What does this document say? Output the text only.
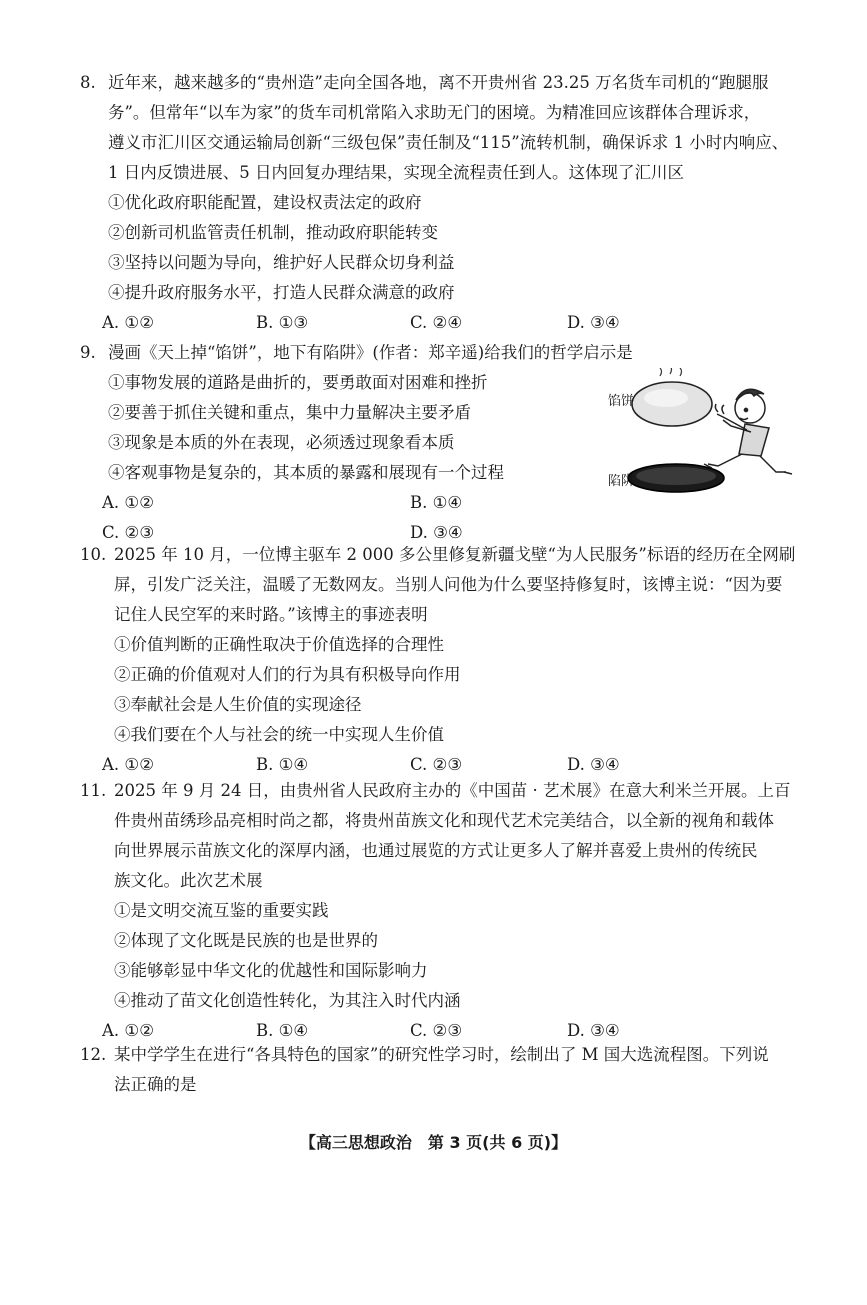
8. 近年来，越来越多的“贵州造”走向全国各地，离不开贵州省 23.25 万名货车司机的“跑腿服
务”。但常年“以车为家”的货车司机常陷入求助无门的困境。为精准回应该群体合理诉求，
遵义市汇川区交通运输局创新“三级包保”责任制及“115”流转机制，确保诉求 1 小时内响应、
1 日内反馈进展、5 日内回复办理结果，实现全流程责任到人。这体现了汇川区
①优化政府职能配置，建设权责法定的政府
②创新司机监管责任机制，推动政府职能转变
③坚持以问题为导向，维护好人民群众切身利益
④提升政府服务水平，打造人民群众满意的政府
A. ①②	B. ①③	C. ②④	D. ③④
9. 漫画《天上掉“馅饼”，地下有陷阱》(作者：郑辛遥)给我们的哲学启示是
①事物发展的道路是曲折的，要勇敢面对困难和挫折
②要善于抓住关键和重点，集中力量解决主要矛盾
③现象是本质的外在表现，必须透过现象看本质
④客观事物是复杂的，其本质的暴露和展现有一个过程
A. ①②	B. ①④
C. ②③	D. ③④
馅饼
陷阱
10. 2025 年 10 月，一位博主驱车 2 000 多公里修复新疆戈壁“为人民服务”标语的经历在全网刷
屏，引发广泛关注，温暖了无数网友。当别人问他为什么要坚持修复时，该博主说：“因为要
记住人民空军的来时路。”该博主的事迹表明
①价值判断的正确性取决于价值选择的合理性
②正确的价值观对人们的行为具有积极导向作用
③奉献社会是人生价值的实现途径
④我们要在个人与社会的统一中实现人生价值
A. ①②	B. ①④	C. ②③	D. ③④
11. 2025 年 9 月 24 日，由贵州省人民政府主办的《中国苗 · 艺术展》在意大利米兰开展。上百
件贵州苗绣珍品亮相时尚之都，将贵州苗族文化和现代艺术完美结合，以全新的视角和载体
向世界展示苗族文化的深厚内涵，也通过展览的方式让更多人了解并喜爱上贵州的传统民
族文化。此次艺术展
①是文明交流互鉴的重要实践
②体现了文化既是民族的也是世界的
③能够彰显中华文化的优越性和国际影响力
④推动了苗文化创造性转化，为其注入时代内涵
A. ①②	B. ①④	C. ②③	D. ③④
12. 某中学学生在进行“各具特色的国家”的研究性学习时，绘制出了 M 国大选流程图。下列说
法正确的是
【高三思想政治　第 3 页(共 6 页)】
